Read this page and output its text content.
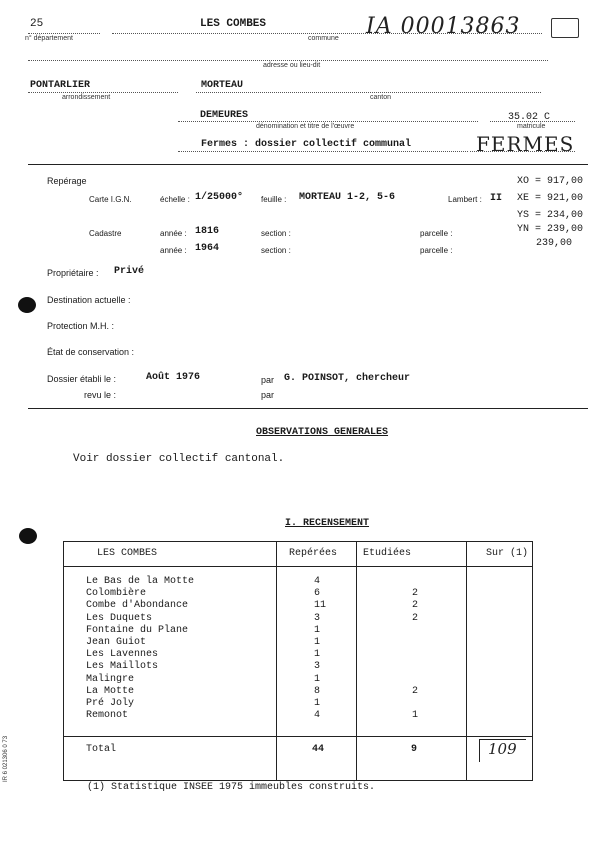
25
n° département
LES COMBES
commune IA 00013863
adresse ou lieu-dit
PONTARLIER
arrondissement
MORTEAU
canton
DEMEURES
dénomination et titre de l'œuvre
35.02 C
matricule
Fermes : dossier collectif communal	FERMES
Repérage
Carte I.G.N.	échelle : 1/25000° feuille : MORTEAU 1-2, 5-6	Lambert : II
XO = 917,00
XE = 921,00
YS = 234,00
YN = 239,00
239,00
Cadastre	année : 1816	section :	parcelle :
année : 1964	section :	parcelle :
Propriétaire : Privé
Destination actuelle :
Protection M.H. :
État de conservation :
Dossier établi le :	Août 1976	par G. POINSOT, chercheur
revu le :	par
OBSERVATIONS GENERALES
Voir dossier collectif cantonal.
I. RECENSEMENT
LES COMBES	Repérées	Etudiées	Sur (1)
Le Bas de la Motte	4
Colombière	6	2
Combe d'Abondance	11	2
Les Duquets	3	2
Fontaine du Plane	1
Jean Guiot	1
Les Lavennes	1
Les Maillots	3
Malingre	1
La Motte	8	2
Pré Joly	1
Remonot	4	1
Total	44	9	109
(1) Statistique INSEE 1975 immeubles construits.
IR 6 021306 0 73
